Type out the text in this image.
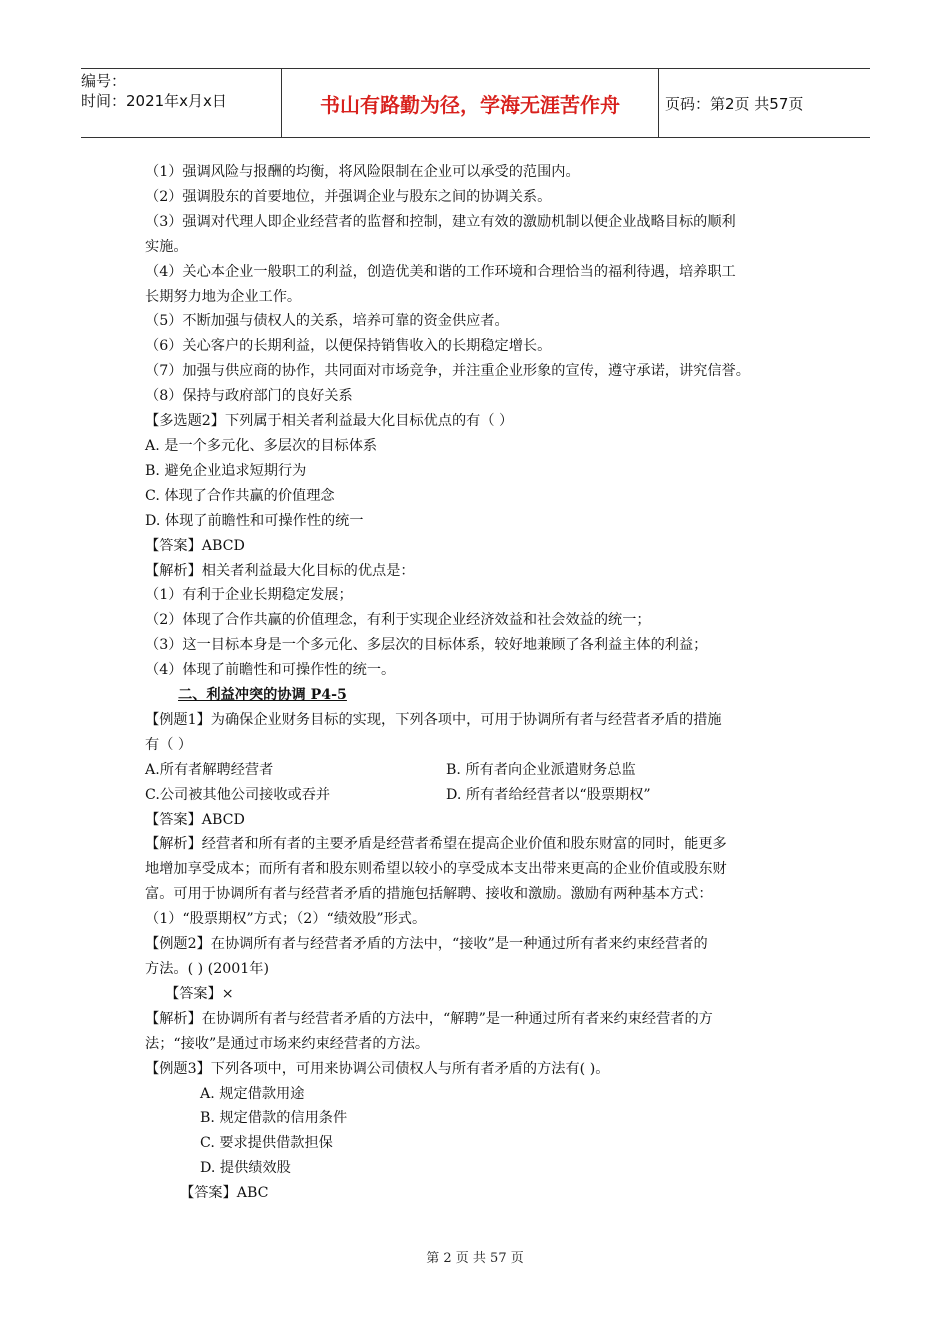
编号：
时间：2021年x月x日	书山有路勤为径，学海无涯苦作舟	页码：第2页 共57页
（1）强调风险与报酬的均衡，将风险限制在企业可以承受的范围内。
（2）强调股东的首要地位，并强调企业与股东之间的协调关系。
（3）强调对代理人即企业经营者的监督和控制，建立有效的激励机制以便企业战略目标的顺利
实施。
（4）关心本企业一般职工的利益，创造优美和谐的工作环境和合理恰当的福利待遇，培养职工
长期努力地为企业工作。
（5）不断加强与债权人的关系，培养可靠的资金供应者。
（6）关心客户的长期利益，以便保持销售收入的长期稳定增长。
（7）加强与供应商的协作，共同面对市场竞争，并注重企业形象的宣传，遵守承诺，讲究信誉。
（8）保持与政府部门的良好关系
【多选题2】下列属于相关者利益最大化目标优点的有（ ）
A. 是一个多元化、多层次的目标体系
B. 避免企业追求短期行为
C. 体现了合作共赢的价值理念
D. 体现了前瞻性和可操作性的统一
【答案】ABCD
【解析】相关者利益最大化目标的优点是：
（1）有利于企业长期稳定发展；
（2）体现了合作共赢的价值理念，有利于实现企业经济效益和社会效益的统一；
（3）这一目标本身是一个多元化、多层次的目标体系，较好地兼顾了各利益主体的利益；
（4）体现了前瞻性和可操作性的统一。
二、利益冲突的协调 P4-5
【例题1】为确保企业财务目标的实现，下列各项中，可用于协调所有者与经营者矛盾的措施
有（ ）
A.所有者解聘经营者	B. 所有者向企业派遣财务总监
C.公司被其他公司接收或吞并	D. 所有者给经营者以“股票期权”
【答案】ABCD
【解析】经营者和所有者的主要矛盾是经营者希望在提高企业价值和股东财富的同时，能更多
地增加享受成本；而所有者和股东则希望以较小的享受成本支出带来更高的企业价值或股东财
富。可用于协调所有者与经营者矛盾的措施包括解聘、接收和激励。激励有两种基本方式：
（1）“股票期权”方式；（2）“绩效股”形式。
【例题2】在协调所有者与经营者矛盾的方法中，“接收”是一种通过所有者来约束经营者的
方法。( ) (2001年)
【答案】×
【解析】在协调所有者与经营者矛盾的方法中，“解聘”是一种通过所有者来约束经营者的方
法；“接收”是通过市场来约束经营者的方法。
【例题3】下列各项中，可用来协调公司债权人与所有者矛盾的方法有( )。
A. 规定借款用途
B. 规定借款的信用条件
C. 要求提供借款担保
D. 提供绩效股
【答案】ABC
第 2 页 共 57 页
